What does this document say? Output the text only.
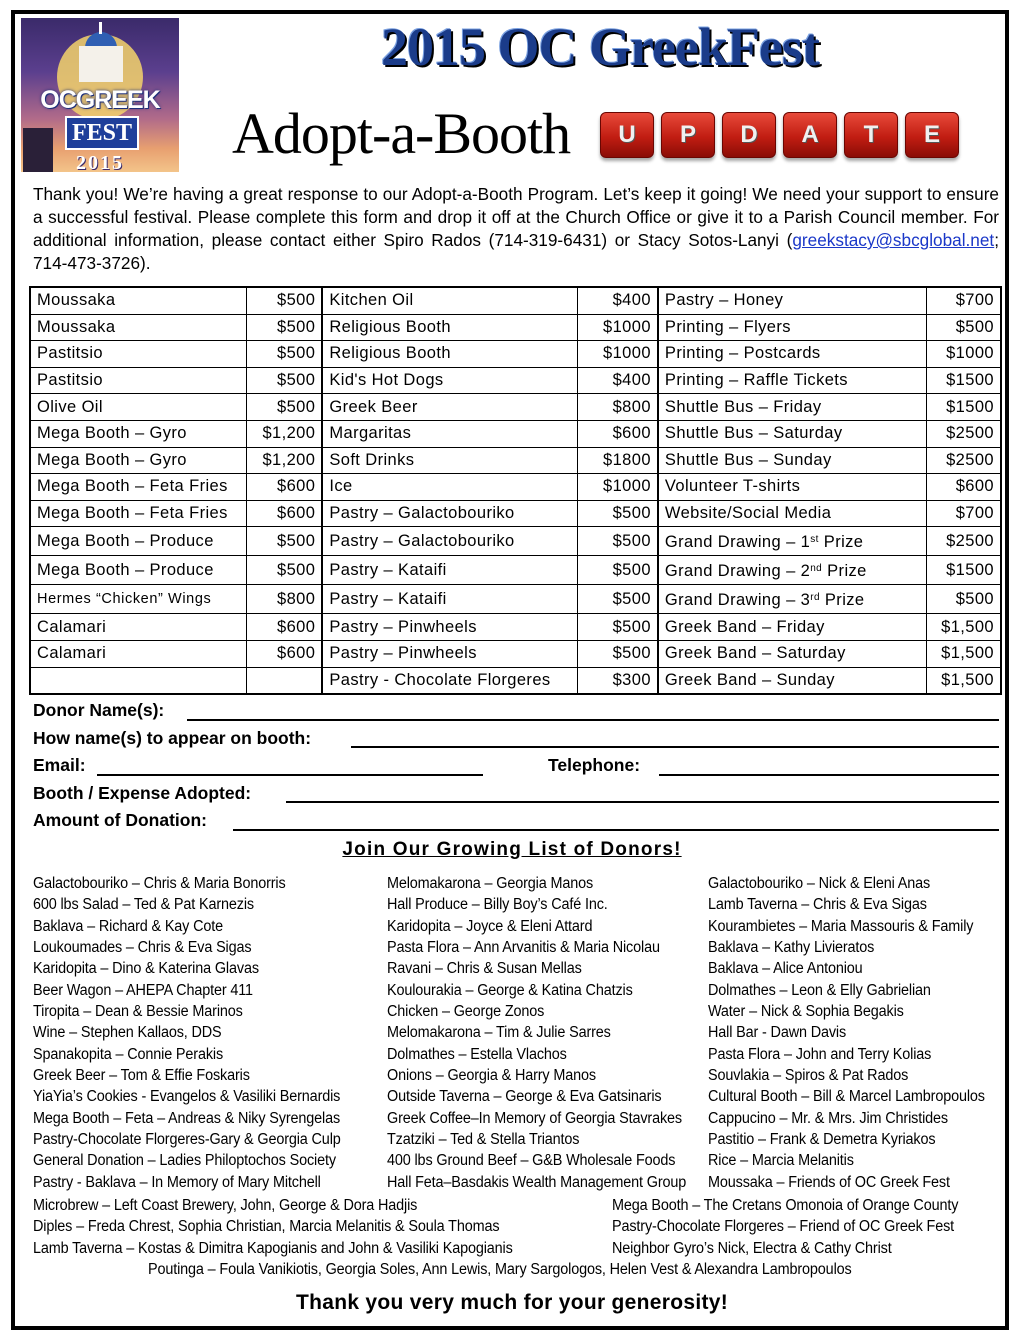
OCGREEK
FEST
2015
2015 OC GreekFest
Adopt-a-Booth U P D A T E
Thank you! We’re having a great response to our Adopt-a-Booth Program. Let’s keep it going! We need your support to ensure a successful festival. Please complete this form and drop it off at the Church Office or give it to a Parish Council member. For additional information, please contact either Spiro Rados (714-319-6431) or Stacy Sotos-Lanyi (greekstacy@sbcglobal.net; 714-473-3726).
Moussaka	$500	Kitchen Oil	$400	Pastry – Honey	$700
Moussaka	$500	Religious Booth	$1000	Printing – Flyers	$500
Pastitsio	$500	Religious Booth	$1000	Printing – Postcards	$1000
Pastitsio	$500	Kid's Hot Dogs	$400	Printing – Raffle Tickets	$1500
Olive Oil	$500	Greek Beer	$800	Shuttle Bus – Friday	$1500
Mega Booth – Gyro	$1,200	Margaritas	$600	Shuttle Bus – Saturday	$2500
Mega Booth – Gyro	$1,200	Soft Drinks	$1800	Shuttle Bus – Sunday	$2500
Mega Booth – Feta Fries	$600	Ice	$1000	Volunteer T-shirts	$600
Mega Booth – Feta Fries	$600	Pastry – Galactobouriko	$500	Website/Social Media	$700
Mega Booth – Produce	$500	Pastry – Galactobouriko	$500	Grand Drawing – 1st Prize	$2500
Mega Booth – Produce	$500	Pastry – Kataifi	$500	Grand Drawing – 2nd Prize	$1500
Hermes “Chicken” Wings	$800	Pastry – Kataifi	$500	Grand Drawing – 3rd Prize	$500
Calamari	$600	Pastry – Pinwheels	$500	Greek Band – Friday	$1,500
Calamari	$600	Pastry – Pinwheels	$500	Greek Band – Saturday	$1,500
		Pastry - Chocolate Florgeres	$300	Greek Band – Sunday	$1,500
Donor Name(s):
How name(s) to appear on booth:
Email:	Telephone:
Booth / Expense Adopted:
Amount of Donation:
Join Our Growing List of Donors!
Galactobouriko – Chris & Maria Bonorris
600 lbs Salad – Ted & Pat Karnezis
Baklava – Richard & Kay Cote
Loukoumades – Chris & Eva Sigas
Karidopita – Dino & Katerina Glavas
Beer Wagon – AHEPA Chapter 411
Tiropita – Dean & Bessie Marinos
Wine – Stephen Kallaos, DDS
Spanakopita – Connie Perakis
Greek Beer – Tom & Effie Foskaris
YiaYia’s Cookies - Evangelos & Vasiliki Bernardis
Mega Booth – Feta – Andreas & Niky Syrengelas
Pastry-Chocolate Florgeres-Gary & Georgia Culp
General Donation – Ladies Philoptochos Society
Pastry - Baklava – In Memory of Mary Mitchell
Melomakarona – Georgia Manos
Hall Produce – Billy Boy’s Café Inc.
Karidopita – Joyce & Eleni Attard
Pasta Flora – Ann Arvanitis & Maria Nicolau
Ravani – Chris & Susan Mellas
Koulourakia – George & Katina Chatzis
Chicken – George Zonos
Melomakarona – Tim & Julie Sarres
Dolmathes – Estella Vlachos
Onions – Georgia & Harry Manos
Outside Taverna – George & Eva Gatsinaris
Greek Coffee–In Memory of Georgia Stavrakes
Tzatziki – Ted & Stella Triantos
400 lbs Ground Beef – G&B Wholesale Foods
Hall Feta–Basdakis Wealth Management Group
Galactobouriko – Nick & Eleni Anas
Lamb Taverna – Chris & Eva Sigas
Kourambietes – Maria Massouris & Family
Baklava – Kathy Livieratos
Baklava – Alice Antoniou
Dolmathes – Leon & Elly Gabrielian
Water – Nick & Sophia Begakis
Hall Bar - Dawn Davis
Pasta Flora – John and Terry Kolias
Souvlakia – Spiros & Pat Rados
Cultural Booth – Bill & Marcel Lambropoulos
Cappucino – Mr. & Mrs. Jim Christides
Pastitio – Frank & Demetra Kyriakos
Rice – Marcia Melanitis
Moussaka – Friends of OC Greek Fest
Microbrew – Left Coast Brewery, John, George & Dora Hadjis	Mega Booth – The Cretans Omonoia of Orange County
Diples – Freda Chrest, Sophia Christian, Marcia Melanitis & Soula Thomas	Pastry-Chocolate Florgeres – Friend of OC Greek Fest
Lamb Taverna – Kostas & Dimitra Kapogianis and John & Vasiliki Kapogianis	Neighbor Gyro’s Nick, Electra & Cathy Christ
Poutinga – Foula Vanikiotis, Georgia Soles, Ann Lewis, Mary Sargologos, Helen Vest & Alexandra Lambropoulos
Thank you very much for your generosity!
